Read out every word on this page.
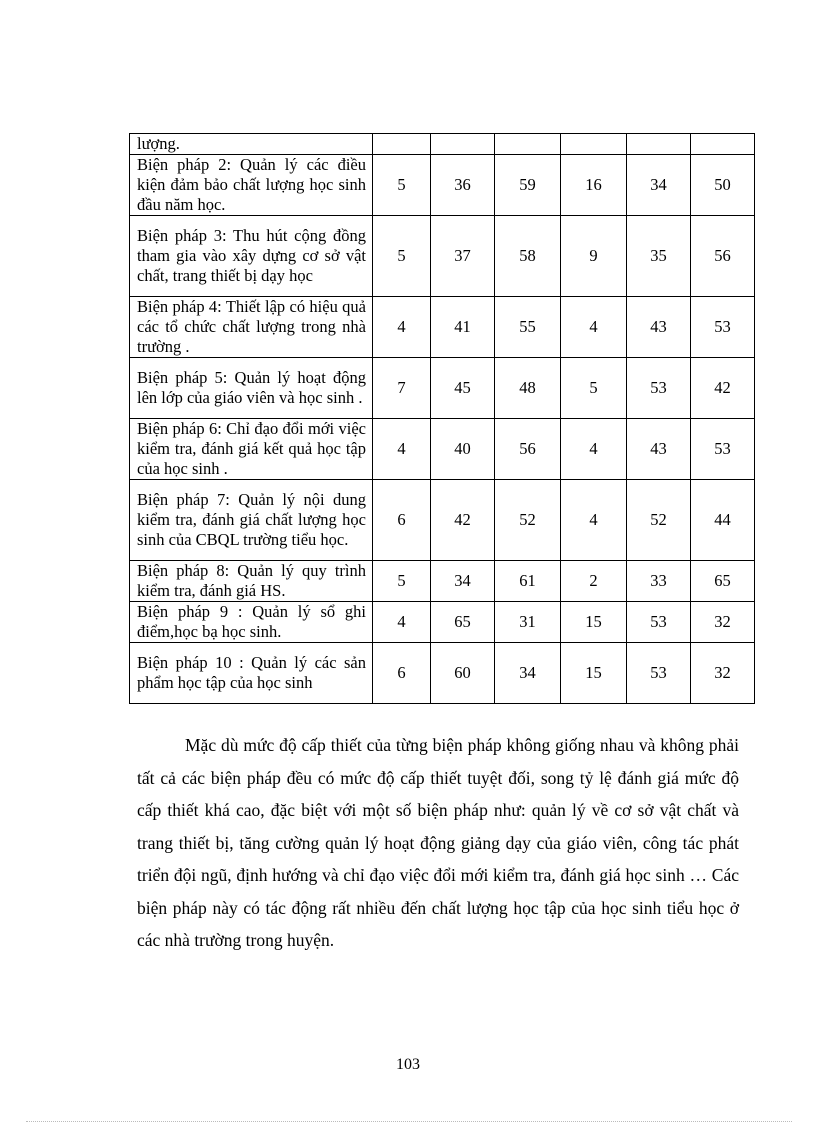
lượng.						
Biện pháp 2: Quản lý các điều kiện đảm bảo chất lượng học sinh đầu năm học.	5	36	59	16	34	50
Biện pháp 3: Thu hút cộng đồng tham gia vào xây dựng cơ sở vật chất, trang thiết bị dạy học	5	37	58	9	35	56
Biện pháp 4: Thiết lập có hiệu quả các tổ chức chất lượng trong nhà trường .	4	41	55	4	43	53
Biện pháp 5: Quản lý hoạt động lên lớp của giáo viên và học sinh .	7	45	48	5	53	42
Biện pháp 6: Chỉ đạo đổi mới việc kiểm tra, đánh giá kết quả học tập của học sinh .	4	40	56	4	43	53
Biện pháp 7: Quản lý nội dung kiểm tra, đánh giá chất lượng học sinh của CBQL trường tiểu học.	6	42	52	4	52	44
Biện pháp 8: Quản lý quy trình kiểm tra, đánh giá HS.	5	34	61	2	33	65
Biện pháp 9 : Quản lý sổ ghi điểm,học bạ học sinh.	4	65	31	15	53	32
Biện pháp 10 : Quản lý các sản phẩm học tập của học sinh	6	60	34	15	53	32

Mặc dù mức độ cấp thiết của từng biện pháp không giống nhau và không phải tất cả các biện pháp đều có mức độ cấp thiết tuyệt đối, song tỷ lệ đánh giá mức độ cấp thiết khá cao, đặc biệt với một số biện pháp như: quản lý về cơ sở vật chất và trang thiết bị, tăng cường quản lý hoạt động giảng dạy của giáo viên, công tác phát triển đội ngũ, định hướng và chỉ đạo việc đổi mới kiểm tra, đánh giá học sinh … Các biện pháp này có tác động rất nhiều đến chất lượng học tập của học sinh tiểu học ở các nhà trường trong huyện.

103
